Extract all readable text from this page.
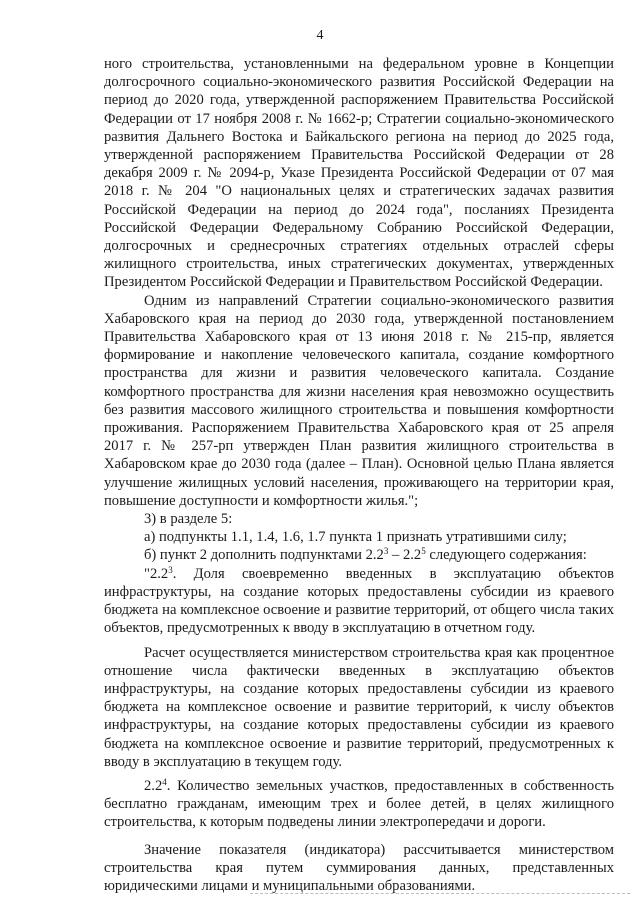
4

ного строительства, установленными на федеральном уровне в Концепции долгосрочного социально-экономического развития Российской Федерации на период до 2020 года, утвержденной распоряжением Правительства Российской Федерации от 17 ноября 2008 г. № 1662-р; Стратегии социально-экономического развития Дальнего Востока и Байкальского региона на период до 2025 года, утвержденной распоряжением Правительства Российской Федерации от 28 декабря 2009 г. № 2094-р, Указе Президента Российской Федерации от 07 мая 2018 г. № 204 "О национальных целях и стратегических задачах развития Российской Федерации на период до 2024 года", посланиях Президента Российской Федерации Федеральному Собранию Российской Федерации, долгосрочных и среднесрочных стратегиях отдельных отраслей сферы жилищного строительства, иных стратегических документах, утвержденных Президентом Российской Федерации и Правительством Российской Федерации.

Одним из направлений Стратегии социально-экономического развития Хабаровского края на период до 2030 года, утвержденной постановлением Правительства Хабаровского края от 13 июня 2018 г. № 215-пр, является формирование и накопление человеческого капитала, создание комфортного пространства для жизни и развития человеческого капитала. Создание комфортного пространства для жизни населения края невозможно осуществить без развития массового жилищного строительства и повышения комфортности проживания. Распоряжением Правительства Хабаровского края от 25 апреля 2017 г. № 257-рп утвержден План развития жилищного строительства в Хабаровском крае до 2030 года (далее – План). Основной целью Плана является улучшение жилищных условий населения, проживающего на территории края, повышение доступности и комфортности жилья.";

3) в разделе 5:

а) подпункты 1.1, 1.4, 1.6, 1.7 пункта 1 признать утратившими силу;

б) пункт 2 дополнить подпунктами $2.2^3 - 2.2^5$ следующего содержания:

"$2.2^3$. Доля своевременно введенных в эксплуатацию объектов инфраструктуры, на создание которых предоставлены субсидии из краевого бюджета на комплексное освоение и развитие территорий, от общего числа таких объектов, предусмотренных к вводу в эксплуатацию в отчетном году.

Расчет осуществляется министерством строительства края как процентное отношение числа фактически введенных в эксплуатацию объектов инфраструктуры, на создание которых предоставлены субсидии из краевого бюджета на комплексное освоение и развитие территорий, к числу объектов инфраструктуры, на создание которых предоставлены субсидии из краевого бюджета на комплексное освоение и развитие территорий, предусмотренных к вводу в эксплуатацию в текущем году.

$2.2^4$. Количество земельных участков, предоставленных в собственность бесплатно гражданам, имеющим трех и более детей, в целях жилищного строительства, к которым подведены линии электропередачи и дороги.

Значение показателя (индикатора) рассчитывается министерством строительства края путем суммирования данных, представленных юридическими лицами и муниципальными образованиями.
